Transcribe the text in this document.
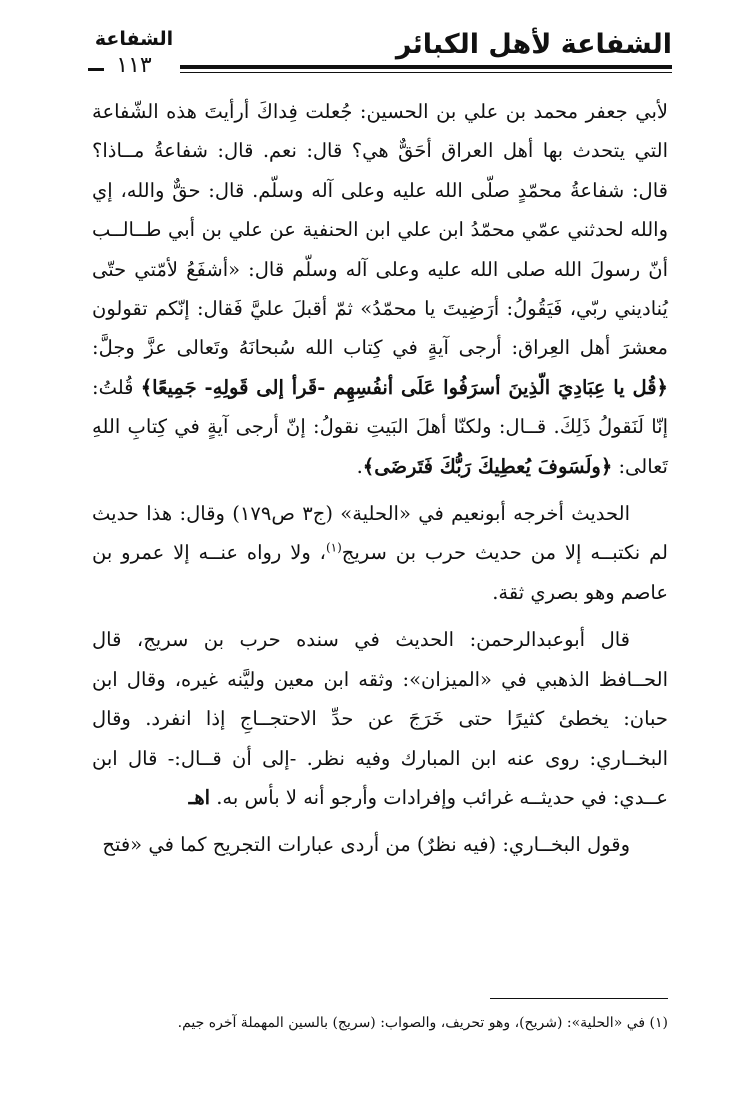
الشفاعة لأهل الكبائر
الشفاعة
١١٣

لأبي جعفر محمد بن علي بن الحسين: جُعلت فِداكَ أرأيتَ هذه الشّفاعة التي يتحدث بها أهل العراق أحَقٌّ هي؟ قال: نعم. قال: شفاعةُ مــاذا؟ قال: شفاعةُ محمّدٍ صلّى الله عليه وعلى آله وسلّم. قال: حقٌّ والله، إي والله لحدثني عمّي محمّدُ ابن علي ابن الحنفية عن علي بن أبي طــالــب أنّ رسولَ الله صلى الله عليه وعلى آله وسلّم قال: «أشفَعُ لأمّتي حتّى يُناديني ربّي، فَيَقُولُ: أرَضِيتَ يا محمّدُ» ثمّ أقبلَ عليَّ فَقال: إنّكم تقولون معشرَ أهل العِراق: أرجى آيةٍ في كِتاب الله سُبحانَهُ وتَعالى عزَّ وجلَّ: ﴿قُل يا عِبَادِيَ الّذِينَ أسرَفُوا عَلَى أنفُسِهِم -قَرأ إلى قَولِهِ- جَمِيعًا﴾ قُلتُ: إنّا لَنَقولُ ذَلِكَ. قــال: ولكنّا أهلَ البَيتِ نقولُ: إنّ أرجى آيةٍ في كِتابِ اللهِ تَعالى: ﴿ولَسَوفَ يُعطِيكَ رَبُّكَ فَتَرضَى﴾.

الحديث أخرجه أبونعيم في «الحلية» (ج٣ ص١٧٩) وقال: هذا حديث لم نكتبــه إلا من حديث حرب بن سريج$^{(١)}$، ولا رواه عنــه إلا عمرو بن عاصم وهو بصري ثقة.

قال أبوعبدالرحمن: الحديث في سنده حرب بن سريج، قال الحــافظ الذهبي في «الميزان»: وثقه ابن معين وليَّنه غيره، وقال ابن حبان: يخطئ كثيرًا حتى خَرَجَ عن حدِّ الاحتجــاجِ إذا انفرد. وقال البخــاري: روى عنه ابن المبارك وفيه نظر. -إلى أن قــال:- قال ابن عــدي: في حديثــه غرائب وإفرادات وأرجو أنه لا بأس به. اهـ

وقول البخــاري: (فيه نظرٌ) من أردى عبارات التجريح كما في «فتح

(١) في «الحلية»: (شريح)، وهو تحريف، والصواب: (سريج) بالسين المهملة آخره جيم.
